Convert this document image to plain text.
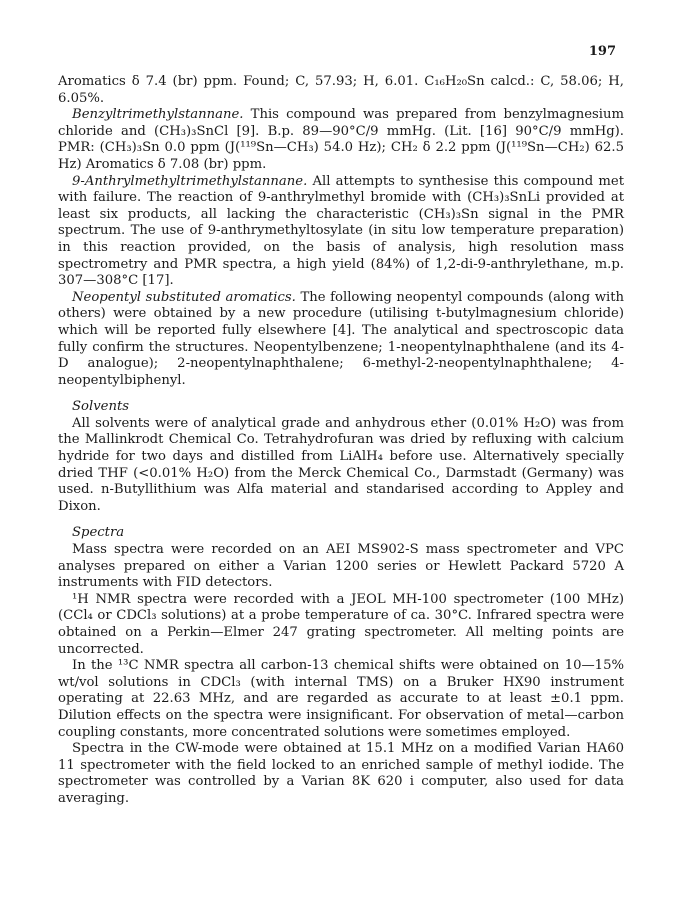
197

Aromatics δ 7.4 (br) ppm. Found; C, 57.93; H, 6.01. C₁₆H₂₀Sn calcd.: C, 58.06; H, 6.05%.

Benzyltrimethylstannane. This compound was prepared from benzylmagnesium chloride and (CH₃)₃SnCl [9]. B.p. 89—90°C/9 mmHg. (Lit. [16] 90°C/9 mmHg). PMR: (CH₃)₃Sn 0.0 ppm (J(¹¹⁹Sn—CH₃) 54.0 Hz); CH₂ δ 2.2 ppm (J(¹¹⁹Sn—CH₂) 62.5 Hz) Aromatics δ 7.08 (br) ppm.

9-Anthrylmethyltrimethylstannane. All attempts to synthesise this compound met with failure. The reaction of 9-anthrylmethyl bromide with (CH₃)₃SnLi provided at least six products, all lacking the characteristic (CH₃)₃Sn signal in the PMR spectrum. The use of 9-anthrymethyltosylate (in situ low temperature preparation) in this reaction provided, on the basis of analysis, high resolution mass spectrometry and PMR spectra, a high yield (84%) of 1,2-di-9-anthrylethane, m.p. 307—308°C [17].

Neopentyl substituted aromatics. The following neopentyl compounds (along with others) were obtained by a new procedure (utilising t-butylmagnesium chloride) which will be reported fully elsewhere [4]. The analytical and spectroscopic data fully confirm the structures. Neopentylbenzene; 1-neopentylnaphthalene (and its 4-D analogue); 2-neopentylnaphthalene; 6-methyl-2-neopentylnaphthalene; 4-neopentylbiphenyl.

Solvents

All solvents were of analytical grade and anhydrous ether (0.01% H₂O) was from the Mallinkrodt Chemical Co. Tetrahydrofuran was dried by refluxing with calcium hydride for two days and distilled from LiAlH₄ before use. Alternatively specially dried THF (<0.01% H₂O) from the Merck Chemical Co., Darmstadt (Germany) was used. n-Butyllithium was Alfa material and standarised according to Appley and Dixon.

Spectra

Mass spectra were recorded on an AEI MS902-S mass spectrometer and VPC analyses prepared on either a Varian 1200 series or Hewlett Packard 5720 A instruments with FID detectors.

¹H NMR spectra were recorded with a JEOL MH-100 spectrometer (100 MHz) (CCl₄ or CDCl₃ solutions) at a probe temperature of ca. 30°C. Infrared spectra were obtained on a Perkin—Elmer 247 grating spectrometer. All melting points are uncorrected.

In the ¹³C NMR spectra all carbon-13 chemical shifts were obtained on 10—15% wt/vol solutions in CDCl₃ (with internal TMS) on a Bruker HX90 instrument operating at 22.63 MHz, and are regarded as accurate to at least ±0.1 ppm. Dilution effects on the spectra were insignificant. For observation of metal—carbon coupling constants, more concentrated solutions were sometimes employed.

Spectra in the CW-mode were obtained at 15.1 MHz on a modified Varian HA60 11 spectrometer with the field locked to an enriched sample of methyl iodide. The spectrometer was controlled by a Varian 8K 620 i computer, also used for data averaging.
